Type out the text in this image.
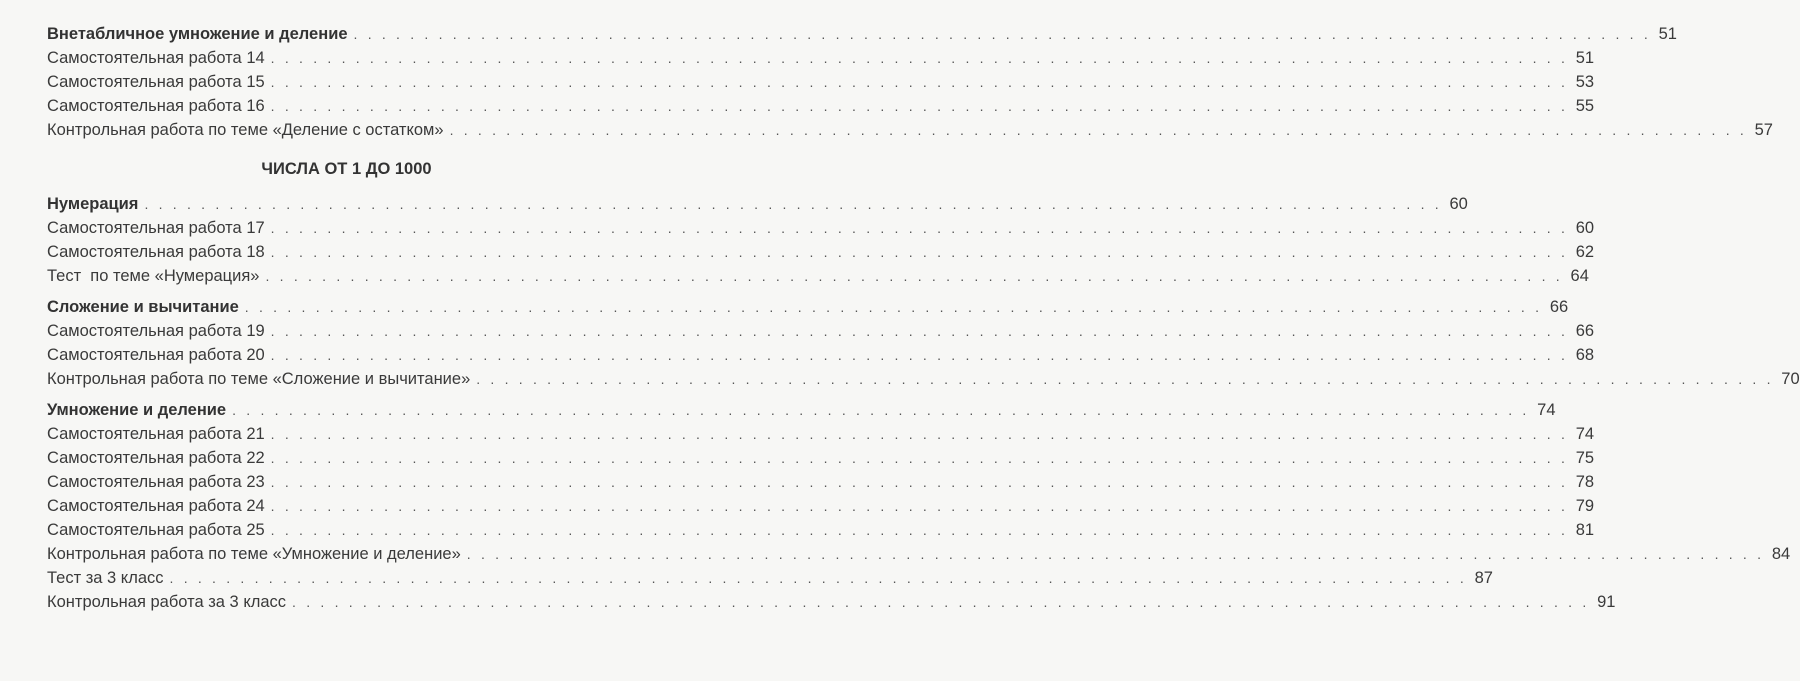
Внетабличное умножение и деление . . . . . . . . . . . . . . . . . . . . . . . . . . . . . . . . . . . . . . . . . . . . . . . . . . . . . . . . . . . . . . . . . . . . . . . . . . . . . . . . . . . . . . . . . . . . 51
Самостоятельная работа 14 . . . . . . . . . . . . . . . . . . . . . . . . . . . . . . . . . . . . . . . . . . . . . . . . . . . . . . . . . . . . . . . . . . . . . . . . . . . . . . . . . . . . . . . . . . . . 51
Самостоятельная работа 15 . . . . . . . . . . . . . . . . . . . . . . . . . . . . . . . . . . . . . . . . . . . . . . . . . . . . . . . . . . . . . . . . . . . . . . . . . . . . . . . . . . . . . . . . . . . . 53
Самостоятельная работа 16 . . . . . . . . . . . . . . . . . . . . . . . . . . . . . . . . . . . . . . . . . . . . . . . . . . . . . . . . . . . . . . . . . . . . . . . . . . . . . . . . . . . . . . . . . . . . 55
Контрольная работа по теме «Деление с остатком» . . . . . . . . . . . . . . . . . . . . . . . . . . . . . . . . . . . . . . . . . . . . . . . . . . . . . . . . . . . . . . . . . . . . . . . . . . . . . . . . . . . . . . . . . . . . 57
ЧИСЛА ОТ 1 ДО 1000
Нумерация . . . . . . . . . . . . . . . . . . . . . . . . . . . . . . . . . . . . . . . . . . . . . . . . . . . . . . . . . . . . . . . . . . . . . . . . . . . . . . . . . . . . . . . . . . . . 60
Самостоятельная работа 17 . . . . . . . . . . . . . . . . . . . . . . . . . . . . . . . . . . . . . . . . . . . . . . . . . . . . . . . . . . . . . . . . . . . . . . . . . . . . . . . . . . . . . . . . . . . . 60
Самостоятельная работа 18 . . . . . . . . . . . . . . . . . . . . . . . . . . . . . . . . . . . . . . . . . . . . . . . . . . . . . . . . . . . . . . . . . . . . . . . . . . . . . . . . . . . . . . . . . . . . 62
Тест  по теме «Нумерация» . . . . . . . . . . . . . . . . . . . . . . . . . . . . . . . . . . . . . . . . . . . . . . . . . . . . . . . . . . . . . . . . . . . . . . . . . . . . . . . . . . . . . . . . . . . . 64
Сложение и вычитание . . . . . . . . . . . . . . . . . . . . . . . . . . . . . . . . . . . . . . . . . . . . . . . . . . . . . . . . . . . . . . . . . . . . . . . . . . . . . . . . . . . . . . . . . . . . 66
Самостоятельная работа 19 . . . . . . . . . . . . . . . . . . . . . . . . . . . . . . . . . . . . . . . . . . . . . . . . . . . . . . . . . . . . . . . . . . . . . . . . . . . . . . . . . . . . . . . . . . . . 66
Самостоятельная работа 20 . . . . . . . . . . . . . . . . . . . . . . . . . . . . . . . . . . . . . . . . . . . . . . . . . . . . . . . . . . . . . . . . . . . . . . . . . . . . . . . . . . . . . . . . . . . . 68
Контрольная работа по теме «Сложение и вычитание» . . . . . . . . . . . . . . . . . . . . . . . . . . . . . . . . . . . . . . . . . . . . . . . . . . . . . . . . . . . . . . . . . . . . . . . . . . . . . . . . . . . . . . . . . . . . 70
Умножение и деление . . . . . . . . . . . . . . . . . . . . . . . . . . . . . . . . . . . . . . . . . . . . . . . . . . . . . . . . . . . . . . . . . . . . . . . . . . . . . . . . . . . . . . . . . . . . 74
Самостоятельная работа 21 . . . . . . . . . . . . . . . . . . . . . . . . . . . . . . . . . . . . . . . . . . . . . . . . . . . . . . . . . . . . . . . . . . . . . . . . . . . . . . . . . . . . . . . . . . . . 74
Самостоятельная работа 22 . . . . . . . . . . . . . . . . . . . . . . . . . . . . . . . . . . . . . . . . . . . . . . . . . . . . . . . . . . . . . . . . . . . . . . . . . . . . . . . . . . . . . . . . . . . . 75
Самостоятельная работа 23 . . . . . . . . . . . . . . . . . . . . . . . . . . . . . . . . . . . . . . . . . . . . . . . . . . . . . . . . . . . . . . . . . . . . . . . . . . . . . . . . . . . . . . . . . . . . 78
Самостоятельная работа 24 . . . . . . . . . . . . . . . . . . . . . . . . . . . . . . . . . . . . . . . . . . . . . . . . . . . . . . . . . . . . . . . . . . . . . . . . . . . . . . . . . . . . . . . . . . . . 79
Самостоятельная работа 25 . . . . . . . . . . . . . . . . . . . . . . . . . . . . . . . . . . . . . . . . . . . . . . . . . . . . . . . . . . . . . . . . . . . . . . . . . . . . . . . . . . . . . . . . . . . . 81
Контрольная работа по теме «Умножение и деление» . . . . . . . . . . . . . . . . . . . . . . . . . . . . . . . . . . . . . . . . . . . . . . . . . . . . . . . . . . . . . . . . . . . . . . . . . . . . . . . . . . . . . . . . . . . . 84
Тест за 3 класс . . . . . . . . . . . . . . . . . . . . . . . . . . . . . . . . . . . . . . . . . . . . . . . . . . . . . . . . . . . . . . . . . . . . . . . . . . . . . . . . . . . . . . . . . . . . 87
Контрольная работа за 3 класс . . . . . . . . . . . . . . . . . . . . . . . . . . . . . . . . . . . . . . . . . . . . . . . . . . . . . . . . . . . . . . . . . . . . . . . . . . . . . . . . . . . . . . . . . . . . 91
